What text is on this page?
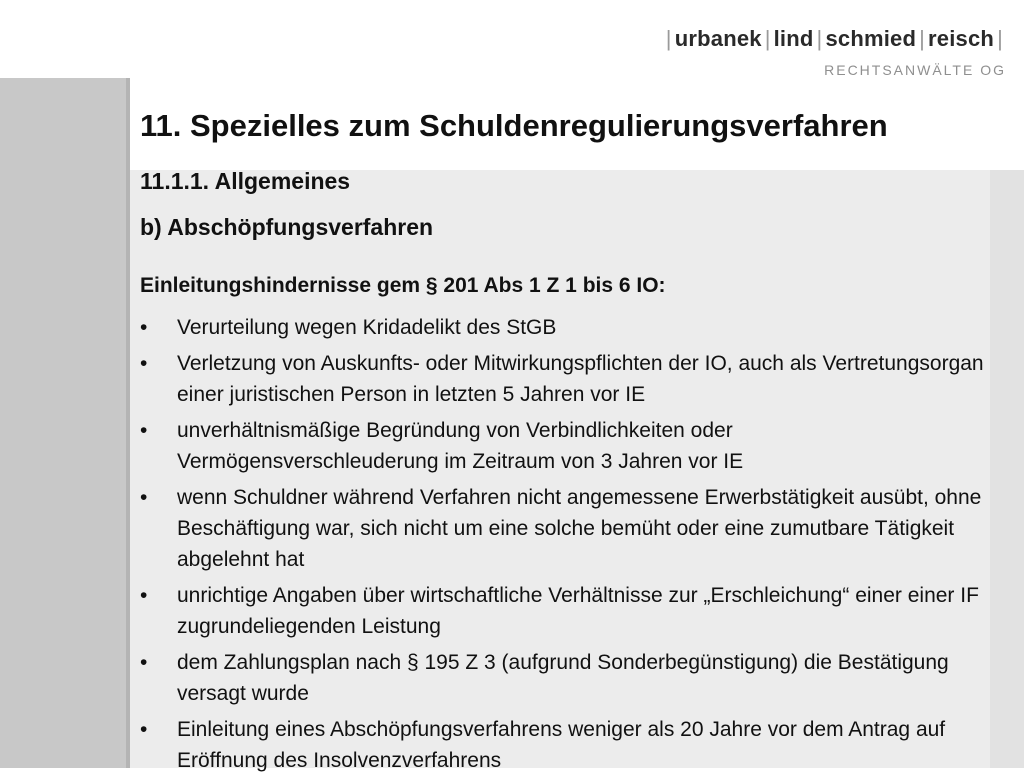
| urbanek | lind | schmied | reisch |
RECHTSANWÄLTE OG
11. Spezielles zum Schuldenregulierungsverfahren
11.1.1. Allgemeines
b) Abschöpfungsverfahren
Einleitungshindernisse gem § 201 Abs 1 Z 1 bis 6 IO:
• Verurteilung wegen Kridadelikt des StGB
• Verletzung von Auskunfts- oder Mitwirkungspflichten der IO, auch als Vertretungsorgan einer juristischen Person in letzten 5 Jahren vor IE
• unverhältnismäßige Begründung von Verbindlichkeiten oder Vermögensverschleuderung im Zeitraum von 3 Jahren vor IE
• wenn Schuldner während Verfahren nicht angemessene Erwerbstätigkeit ausübt, ohne Beschäftigung war, sich nicht um eine solche bemüht oder eine zumutbare Tätigkeit abgelehnt hat
• unrichtige Angaben über wirtschaftliche Verhältnisse zur „Erschleichung“ einer einer IF zugrundeliegenden Leistung
• dem Zahlungsplan nach § 195 Z 3 (aufgrund Sonderbegünstigung) die Bestätigung versagt wurde
• Einleitung eines Abschöpfungsverfahrens weniger als 20 Jahre vor dem Antrag auf Eröffnung des Insolvenzverfahrens
